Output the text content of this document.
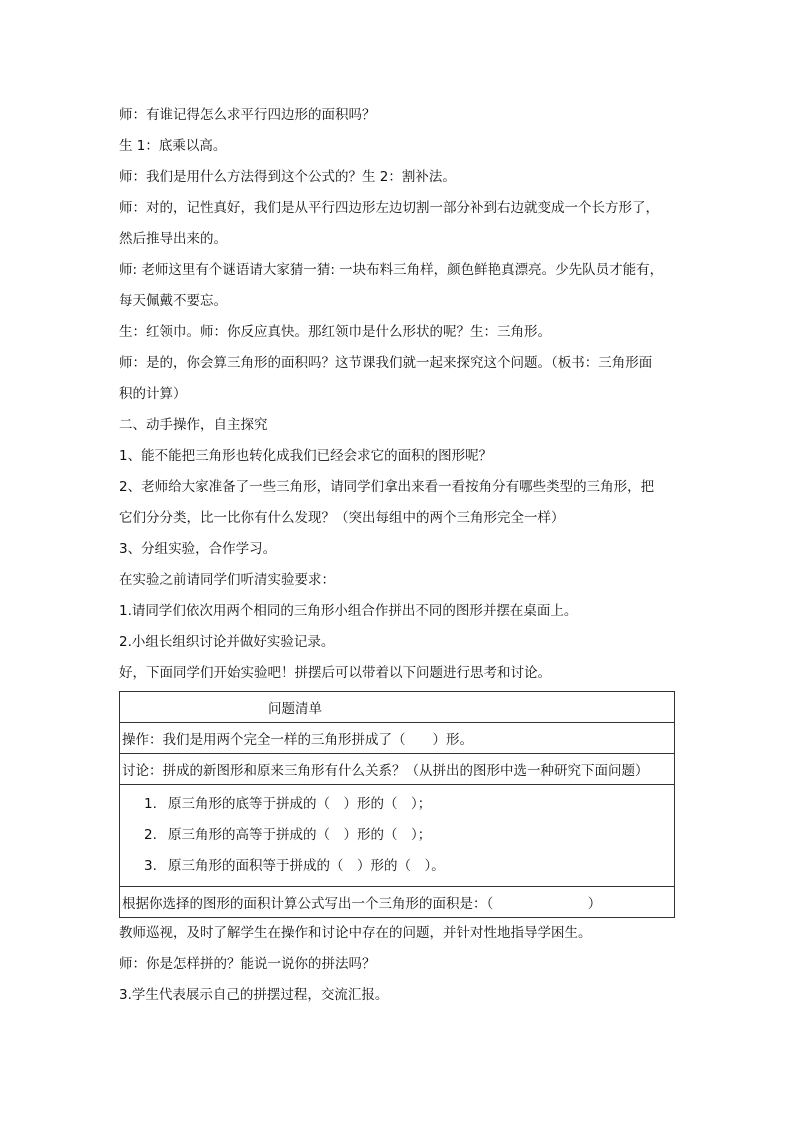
师：有谁记得怎么求平行四边形的面积吗？

生 1：底乘以高。

师：我们是用什么方法得到这个公式的？生 2：割补法。

师：对的，记性真好，我们是从平行四边形左边切割一部分补到右边就变成一个长方形了，

然后推导出来的。

师: 老师这里有个谜语请大家猜一猜: 一块布料三角样，颜色鲜艳真漂亮。少先队员才能有，

每天佩戴不要忘。

生：红领巾。师：你反应真快。那红领巾是什么形状的呢？生：三角形。

师：是的，你会算三角形的面积吗？这节课我们就一起来探究这个问题。（板书：三角形面

积的计算）

二、动手操作，自主探究

1、能不能把三角形也转化成我们已经会求它的面积的图形呢？

2、老师给大家准备了一些三角形，请同学们拿出来看一看按角分有哪些类型的三角形，把

它们分分类，比一比你有什么发现？（突出每组中的两个三角形完全一样）

3、分组实验，合作学习。

在实验之前请同学们听清实验要求：

1.请同学们依次用两个相同的三角形小组合作拼出不同的图形并摆在桌面上。

2.小组长组织讨论并做好实验记录。

好，下面同学们开始实验吧！拼摆后可以带着以下问题进行思考和讨论。

问题清单
操作：我们是用两个完全一样的三角形拼成了（　　）形。
讨论：拼成的新图形和原来三角形有什么关系？（从拼出的图形中选一种研究下面问题）

1. 原三角形的底等于拼成的（　）形的（　）；
2. 原三角形的高等于拼成的（　）形的（　）；
3. 原三角形的面积等于拼成的（　）形的（　）。

根据你选择的图形的面积计算公式写出一个三角形的面积是：（　　　　　　　）

教师巡视，及时了解学生在操作和讨论中存在的问题，并针对性地指导学困生。

师：你是怎样拼的？能说一说你的拼法吗？

3.学生代表展示自己的拼摆过程，交流汇报。
